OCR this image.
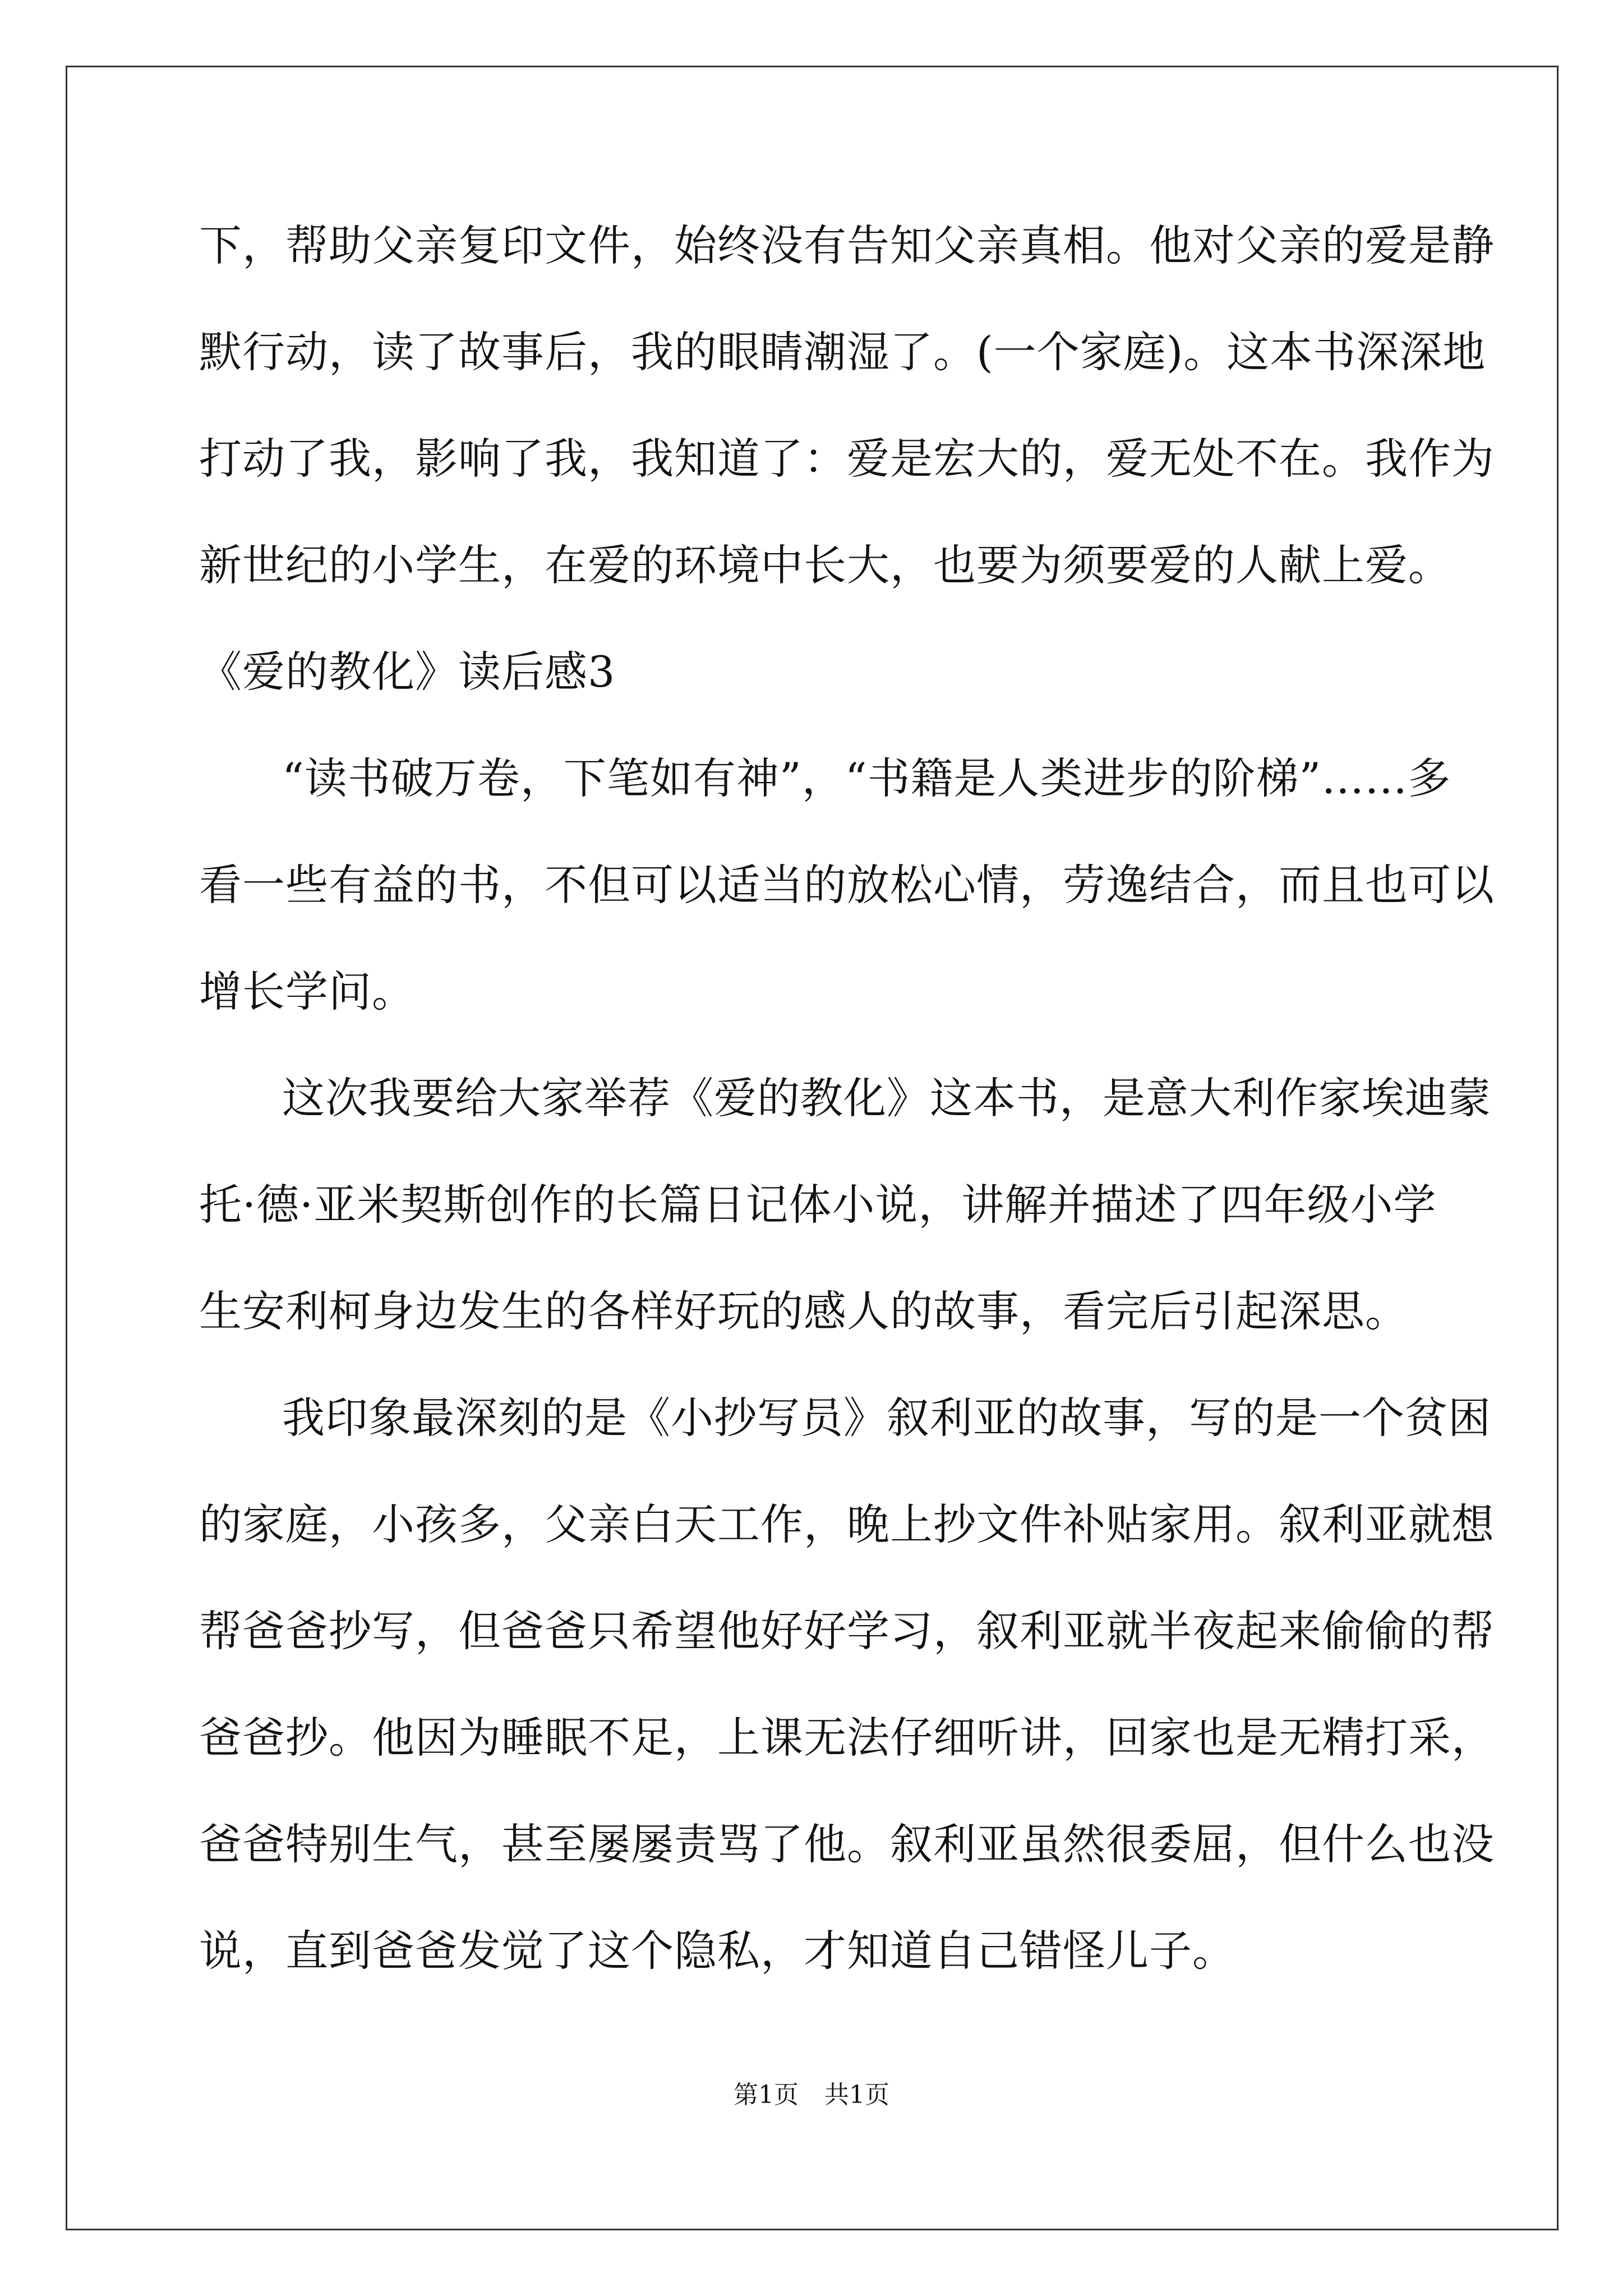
下，帮助父亲复印文件，始终没有告知父亲真相。他对父亲的爱是静
默行动，读了故事后，我的眼睛潮湿了。(一个家庭)。这本书深深地
打动了我，影响了我，我知道了：爱是宏大的，爱无处不在。我作为
新世纪的小学生，在爱的环境中长大，也要为须要爱的人献上爱。
《爱的教化》读后感3
“读书破万卷，下笔如有神”，“书籍是人类进步的阶梯”……多
看一些有益的书，不但可以适当的放松心情，劳逸结合，而且也可以
增长学问。
这次我要给大家举荐《爱的教化》这本书，是意大利作家埃迪蒙
托·德·亚米契斯创作的长篇日记体小说，讲解并描述了四年级小学
生安利柯身边发生的各样好玩的感人的故事，看完后引起深思。
我印象最深刻的是《小抄写员》叙利亚的故事，写的是一个贫困
的家庭，小孩多，父亲白天工作，晚上抄文件补贴家用。叙利亚就想
帮爸爸抄写，但爸爸只希望他好好学习，叙利亚就半夜起来偷偷的帮
爸爸抄。他因为睡眠不足，上课无法仔细听讲，回家也是无精打采，
爸爸特别生气，甚至屡屡责骂了他。叙利亚虽然很委屈，但什么也没
说，直到爸爸发觉了这个隐私，才知道自己错怪儿子。
第1页 共1页
